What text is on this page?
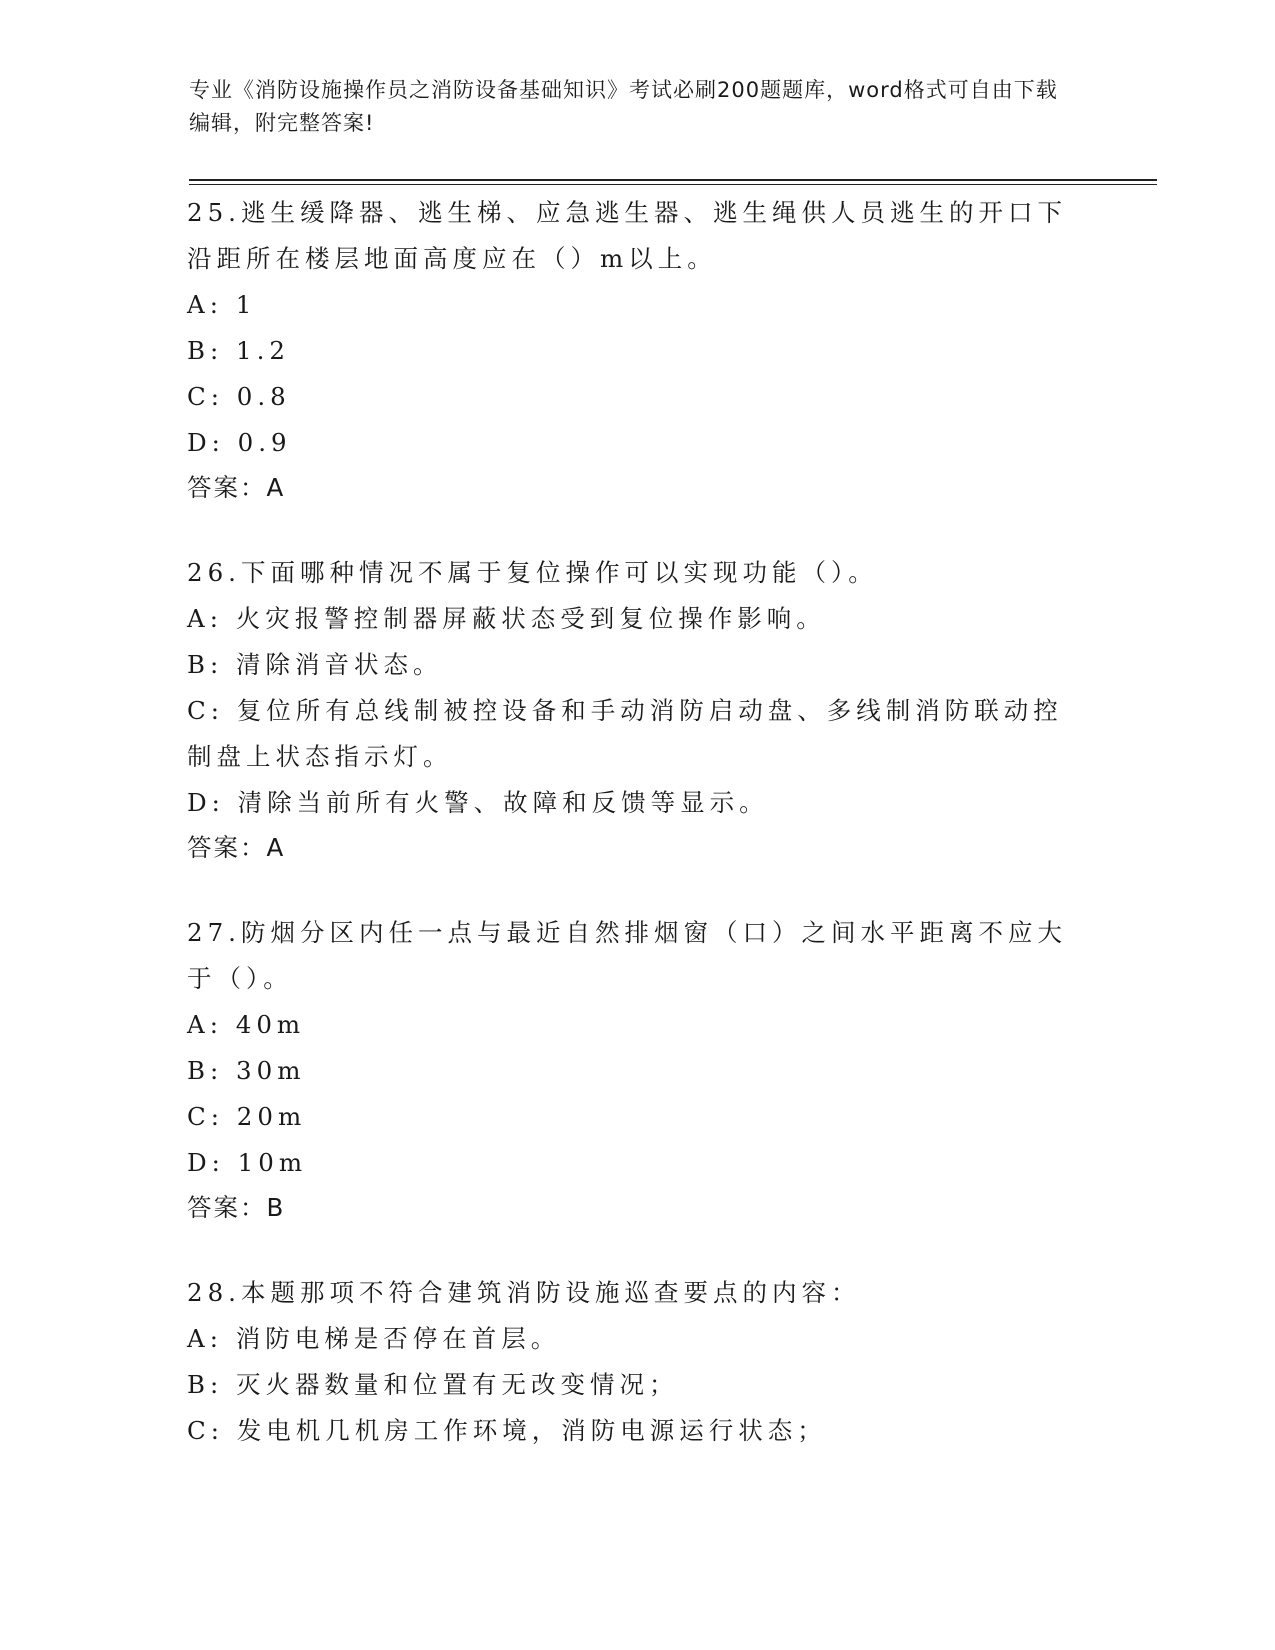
专业《消防设施操作员之消防设备基础知识》考试必刷200题题库，word格式可自由下载编辑，附完整答案!
25.逃生缓降器、逃生梯、应急逃生器、逃生绳供人员逃生的开口下沿距所在楼层地面高度应在（）m以上。
A: 1
B: 1.2
C: 0.8
D: 0.9
答案：A
26.下面哪种情况不属于复位操作可以实现功能（）。
A: 火灾报警控制器屏蔽状态受到复位操作影响。
B: 清除消音状态。
C: 复位所有总线制被控设备和手动消防启动盘、多线制消防联动控制盘上状态指示灯。
D: 清除当前所有火警、故障和反馈等显示。
答案：A
27.防烟分区内任一点与最近自然排烟窗（口）之间水平距离不应大于（）。
A: 40m
B: 30m
C: 20m
D: 10m
答案：B
28.本题那项不符合建筑消防设施巡查要点的内容：
A: 消防电梯是否停在首层。
B: 灭火器数量和位置有无改变情况；
C: 发电机几机房工作环境，消防电源运行状态；
